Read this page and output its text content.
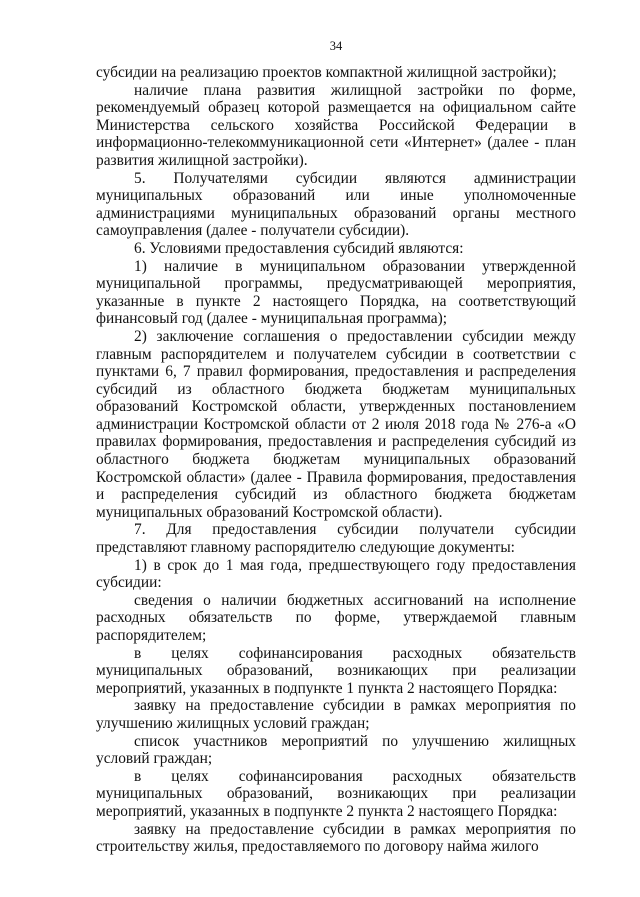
34

субсидии на реализацию проектов компактной жилищной застройки);

наличие плана развития жилищной застройки по форме, рекомендуемый образец которой размещается на официальном сайте Министерства сельского хозяйства Российской Федерации в информационно-телекоммуникационной сети «Интернет» (далее - план развития жилищной застройки).

5. Получателями субсидии являются администрации муниципальных образований или иные уполномоченные администрациями муниципальных образований органы местного самоуправления (далее - получатели субсидии).

6. Условиями предоставления субсидий являются:

1) наличие в муниципальном образовании утвержденной муниципальной программы, предусматривающей мероприятия, указанные в пункте 2 настоящего Порядка, на соответствующий финансовый год (далее - муниципальная программа);

2) заключение соглашения о предоставлении субсидии между главным распорядителем и получателем субсидии в соответствии с пунктами 6, 7 правил формирования, предоставления и распределения субсидий из областного бюджета бюджетам муниципальных образований Костромской области, утвержденных постановлением администрации Костромской области от 2 июля 2018 года № 276-а «О правилах формирования, предоставления и распределения субсидий из областного бюджета бюджетам муниципальных образований Костромской области» (далее - Правила формирования, предоставления и распределения субсидий из областного бюджета бюджетам муниципальных образований Костромской области).

7. Для предоставления субсидии получатели субсидии представляют главному распорядителю следующие документы:

1) в срок до 1 мая года, предшествующего году предоставления субсидии:

сведения о наличии бюджетных ассигнований на исполнение расходных обязательств по форме, утверждаемой главным распорядителем;

в целях софинансирования расходных обязательств муниципальных образований, возникающих при реализации мероприятий, указанных в подпункте 1 пункта 2 настоящего Порядка:

заявку на предоставление субсидии в рамках мероприятия по улучшению жилищных условий граждан;

список участников мероприятий по улучшению жилищных условий граждан;

в целях софинансирования расходных обязательств муниципальных образований, возникающих при реализации мероприятий, указанных в подпункте 2 пункта 2 настоящего Порядка:

заявку на предоставление субсидии в рамках мероприятия по строительству жилья, предоставляемого по договору найма жилого
